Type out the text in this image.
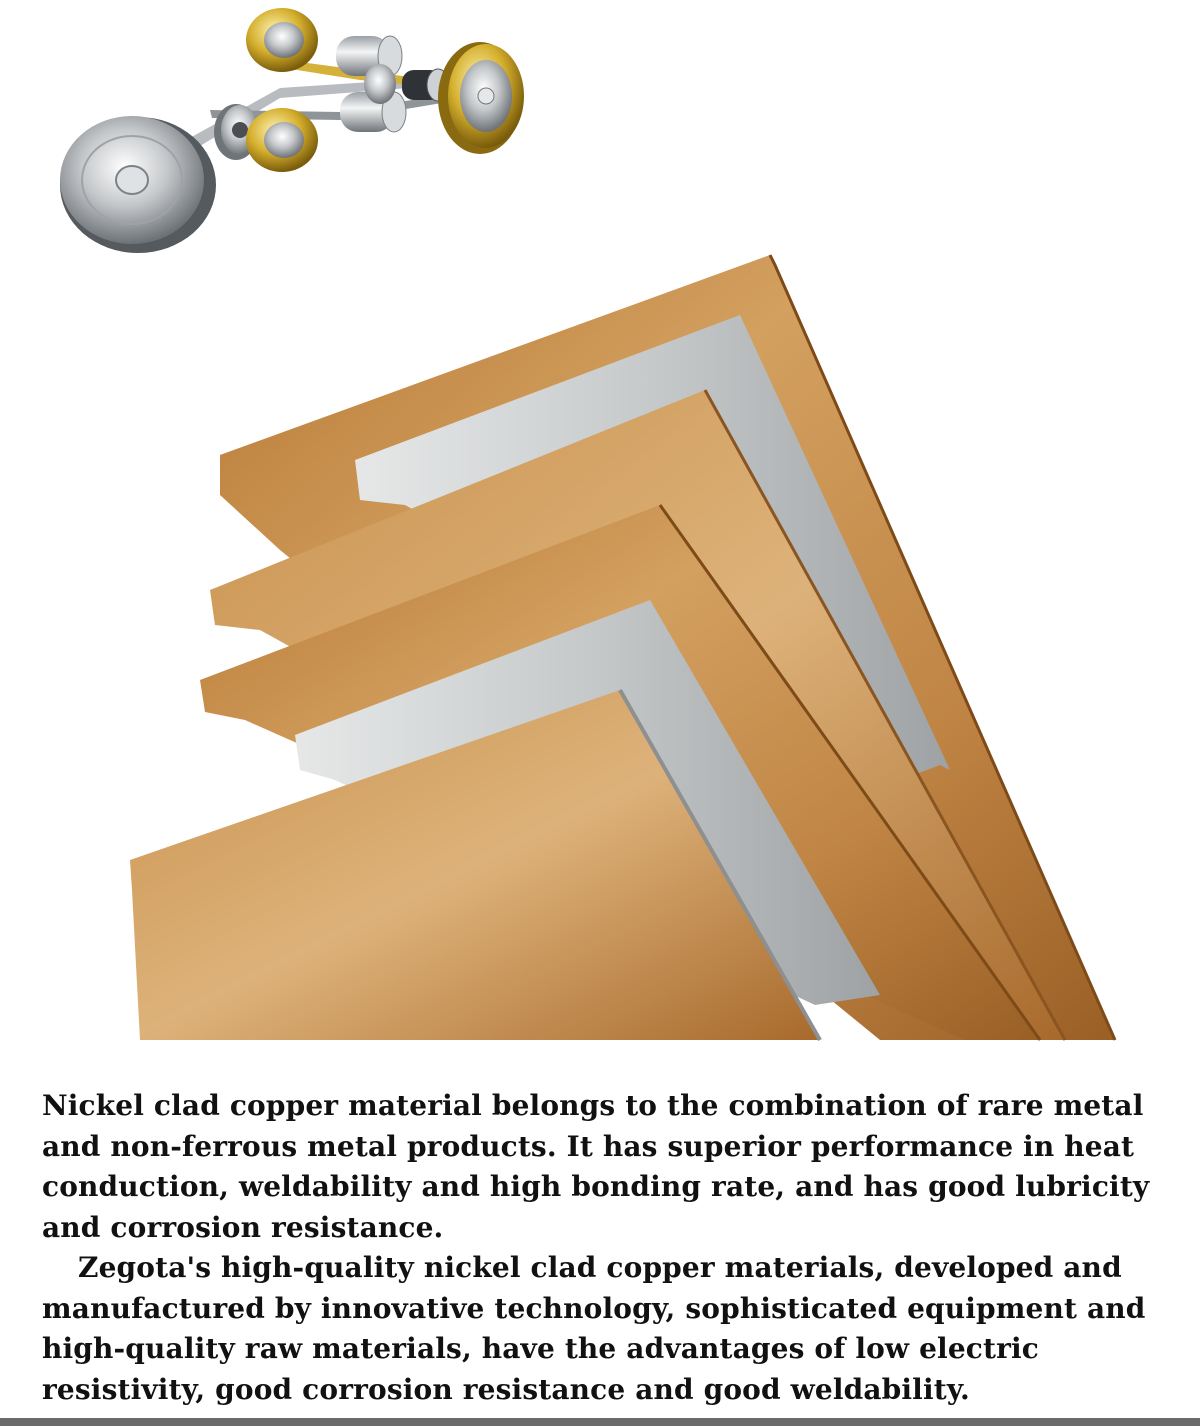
Nickel clad copper material belongs to the combination of rare metal and non-ferrous metal products. It has superior performance in heat conduction, weldability and high bonding rate, and has good lubricity and corrosion resistance.

Zegota's high-quality nickel clad copper materials, developed and manufactured by innovative technology, sophisticated equipment and high-quality raw materials, have the advantages of low electric resistivity, good corrosion resistance and good weldability.
